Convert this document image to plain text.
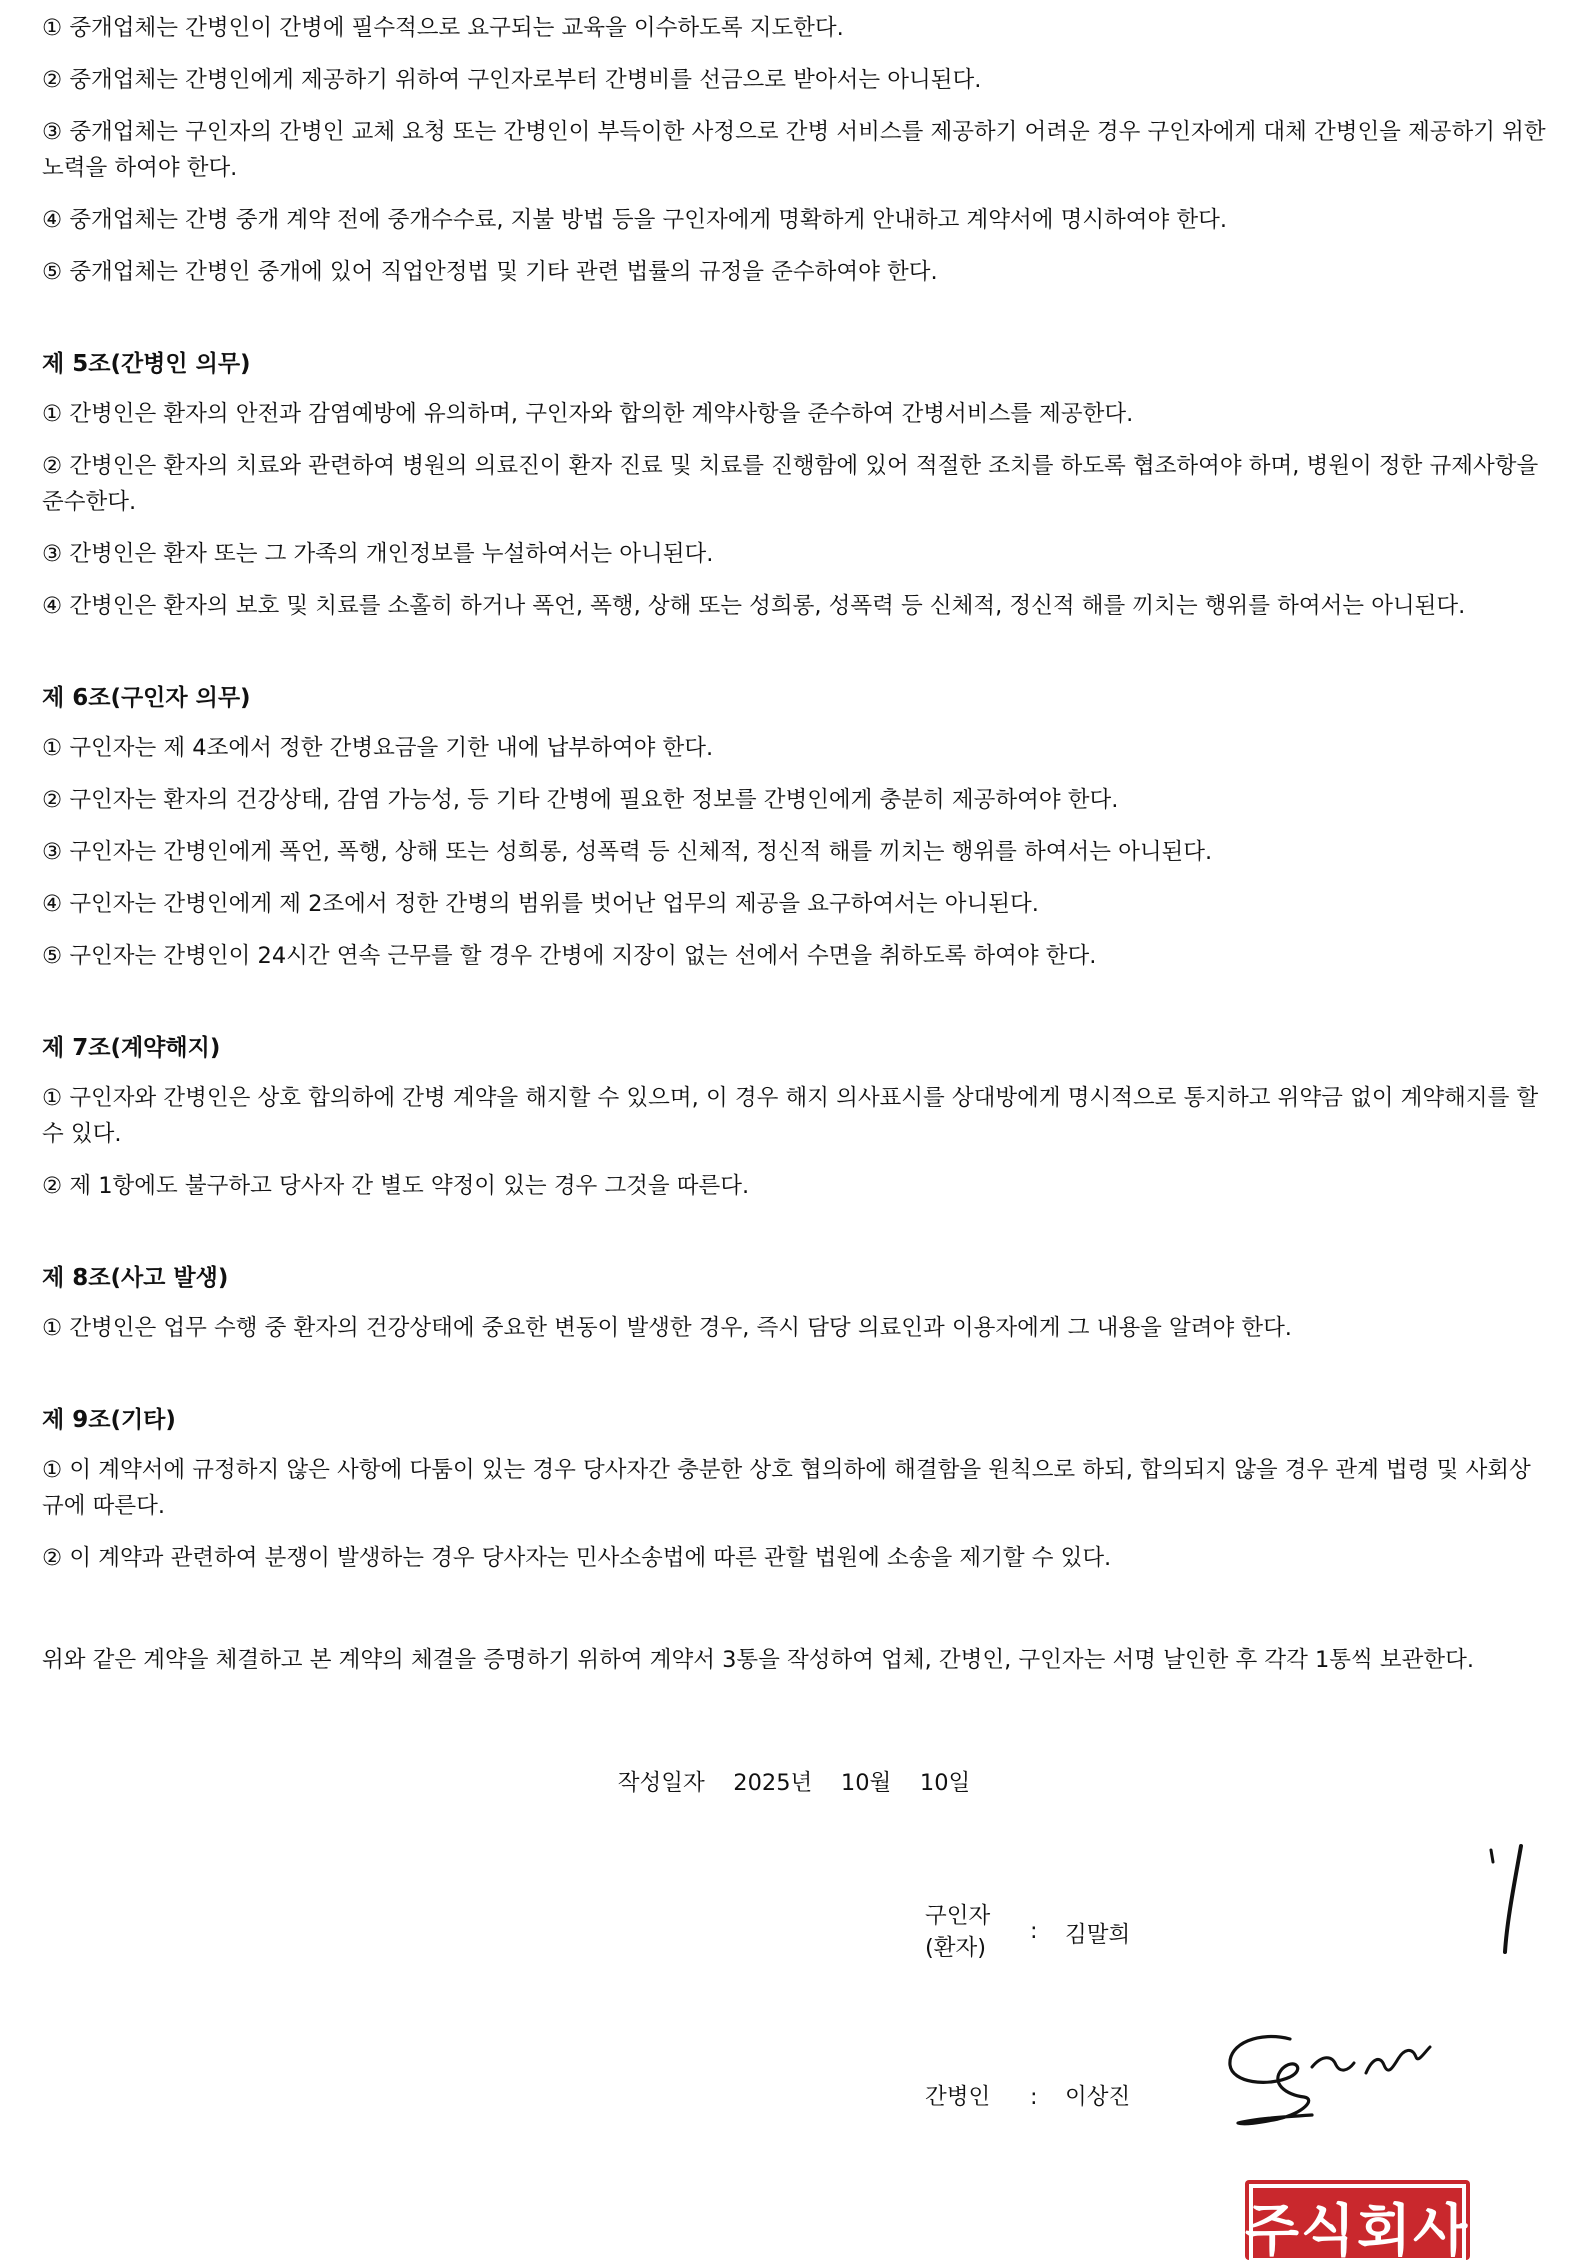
① 중개업체는 간병인이 간병에 필수적으로 요구되는 교육을 이수하도록 지도한다.

② 중개업체는 간병인에게 제공하기 위하여 구인자로부터 간병비를 선금으로 받아서는 아니된다.

③ 중개업체는 구인자의 간병인 교체 요청 또는 간병인이 부득이한 사정으로 간병 서비스를 제공하기 어려운 경우 구인자에게 대체 간병인을 제공하기 위한 노력을 하여야 한다.

④ 중개업체는 간병 중개 계약 전에 중개수수료, 지불 방법 등을 구인자에게 명확하게 안내하고 계약서에 명시하여야 한다.

⑤ 중개업체는 간병인 중개에 있어 직업안정법 및 기타 관련 법률의 규정을 준수하여야 한다.

제 5조(간병인 의무)

① 간병인은 환자의 안전과 감염예방에 유의하며, 구인자와 합의한 계약사항을 준수하여 간병서비스를 제공한다.

② 간병인은 환자의 치료와 관련하여 병원의 의료진이 환자 진료 및 치료를 진행함에 있어 적절한 조치를 하도록 협조하여야 하며, 병원이 정한 규제사항을 준수한다.

③ 간병인은 환자 또는 그 가족의 개인정보를 누설하여서는 아니된다.

④ 간병인은 환자의 보호 및 치료를 소홀히 하거나 폭언, 폭행, 상해 또는 성희롱, 성폭력 등 신체적, 정신적 해를 끼치는 행위를 하여서는 아니된다.

제 6조(구인자 의무)

① 구인자는 제 4조에서 정한 간병요금을 기한 내에 납부하여야 한다.

② 구인자는 환자의 건강상태, 감염 가능성, 등 기타 간병에 필요한 정보를 간병인에게 충분히 제공하여야 한다.

③ 구인자는 간병인에게 폭언, 폭행, 상해 또는 성희롱, 성폭력 등 신체적, 정신적 해를 끼치는 행위를 하여서는 아니된다.

④ 구인자는 간병인에게 제 2조에서 정한 간병의 범위를 벗어난 업무의 제공을 요구하여서는 아니된다.

⑤ 구인자는 간병인이 24시간 연속 근무를 할 경우 간병에 지장이 없는 선에서 수면을 취하도록 하여야 한다.

제 7조(계약해지)

① 구인자와 간병인은 상호 합의하에 간병 계약을 해지할 수 있으며, 이 경우 해지 의사표시를 상대방에게 명시적으로 통지하고 위약금 없이 계약해지를 할 수 있다.

② 제 1항에도 불구하고 당사자 간 별도 약정이 있는 경우 그것을 따른다.

제 8조(사고 발생)

① 간병인은 업무 수행 중 환자의 건강상태에 중요한 변동이 발생한 경우, 즉시 담당 의료인과 이용자에게 그 내용을 알려야 한다.

제 9조(기타)

① 이 계약서에 규정하지 않은 사항에 다툼이 있는 경우 당사자간 충분한 상호 협의하에 해결함을 원칙으로 하되, 합의되지 않을 경우 관계 법령 및 사회상규에 따른다.

② 이 계약과 관련하여 분쟁이 발생하는 경우 당사자는 민사소송법에 따른 관할 법원에 소송을 제기할 수 있다.

위와 같은 계약을 체결하고 본 계약의 체결을 증명하기 위하여 계약서 3통을 작성하여 업체, 간병인, 구인자는 서명 날인한 후 각각 1통씩 보관한다.

작성일자    2025년    10월    10일
구인자
(환자)
: 김말희
간병인 : 이상진
주식회사
